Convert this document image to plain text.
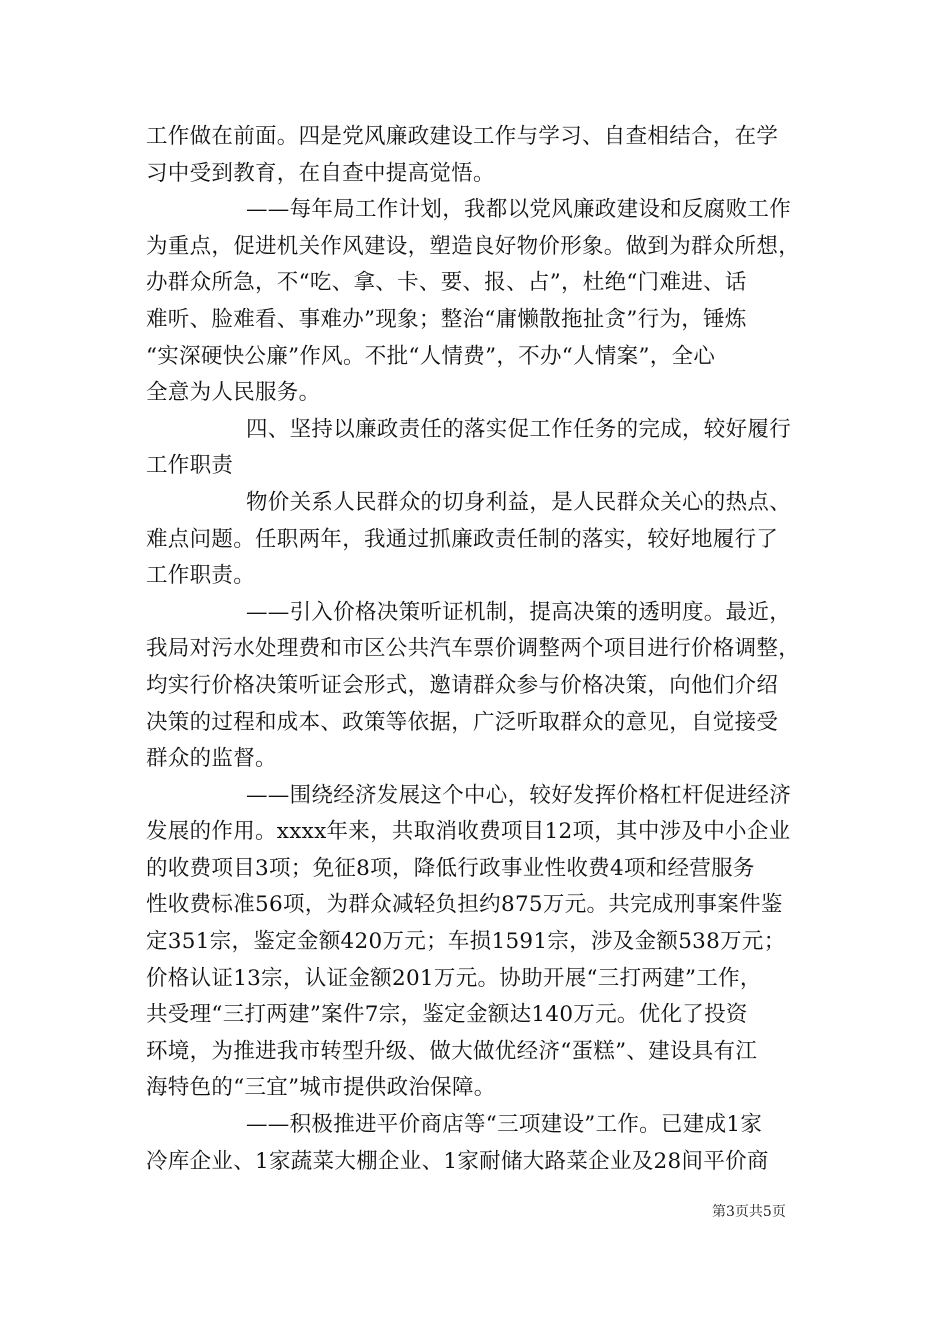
工作做在前面。四是党风廉政建设工作与学习、自查相结合，在学
习中受到教育，在自查中提高觉悟。
——每年局工作计划，我都以党风廉政建设和反腐败工作
为重点，促进机关作风建设，塑造良好物价形象。做到为群众所想，
办群众所急，不“吃、拿、卡、要、报、占”，杜绝“门难进、话
难听、脸难看、事难办”现象；整治“庸懒散拖扯贪”行为，锤炼
“实深硬快公廉”作风。不批“人情费”，不办“人情案”，全心
全意为人民服务。
四、坚持以廉政责任的落实促工作任务的完成，较好履行
工作职责
物价关系人民群众的切身利益，是人民群众关心的热点、
难点问题。任职两年，我通过抓廉政责任制的落实，较好地履行了
工作职责。
——引入价格决策听证机制，提高决策的透明度。最近，
我局对污水处理费和市区公共汽车票价调整两个项目进行价格调整，
均实行价格决策听证会形式，邀请群众参与价格决策，向他们介绍
决策的过程和成本、政策等依据，广泛听取群众的意见，自觉接受
群众的监督。
——围绕经济发展这个中心，较好发挥价格杠杆促进经济
发展的作用。xxxx年来，共取消收费项目12项，其中涉及中小企业
的收费项目3项；免征8项，降低行政事业性收费4项和经营服务
性收费标准56项，为群众减轻负担约875万元。共完成刑事案件鉴
定351宗，鉴定金额420万元；车损1591宗，涉及金额538万元；
价格认证13宗，认证金额201万元。协助开展“三打两建”工作，
共受理“三打两建”案件7宗，鉴定金额达140万元。优化了投资
环境，为推进我市转型升级、做大做优经济“蛋糕”、建设具有江
海特色的“三宜”城市提供政治保障。
——积极推进平价商店等“三项建设”工作。已建成1家
冷库企业、1家蔬菜大棚企业、1家耐储大路菜企业及28间平价商
第3页共5页
